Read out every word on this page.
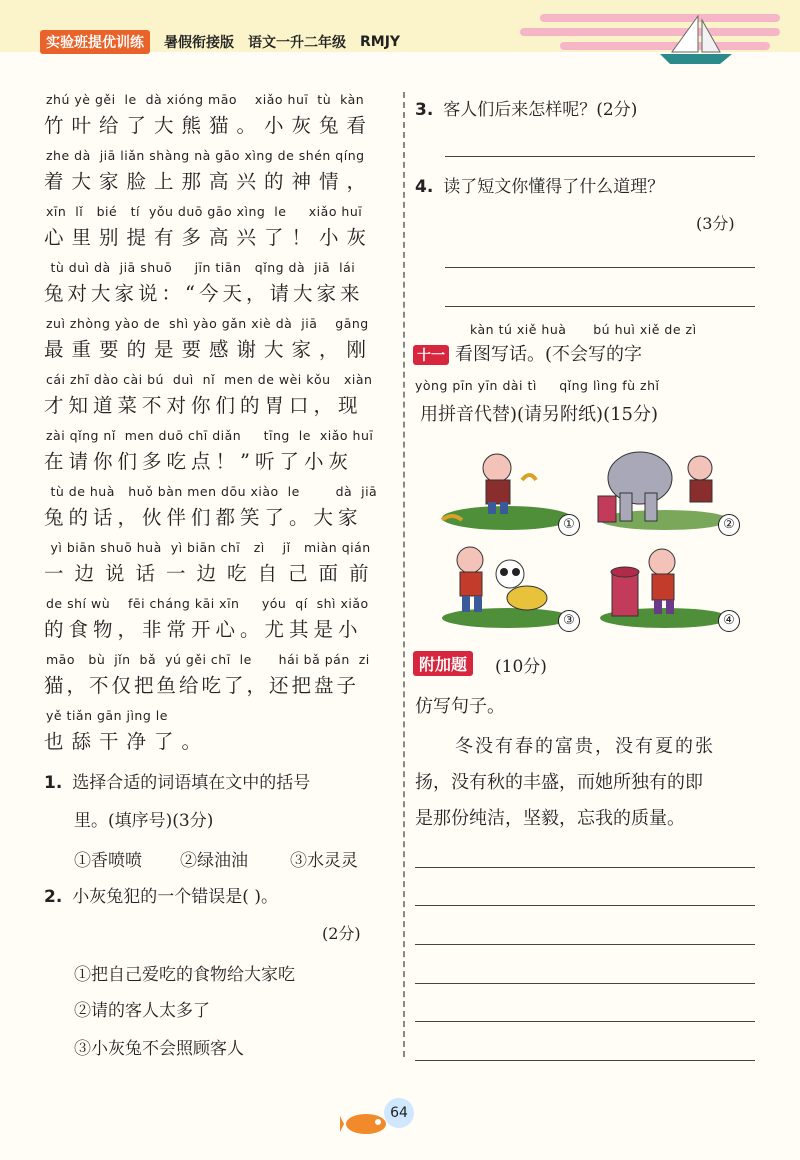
实验班提优训练	暑假衔接版 语文一升二年级 RMJY
zhú yè gěi  le  dà xióng māo    xiǎo huī  tù  kàn
竹叶给了大熊猫。小灰兔看
zhe dà  jiā liǎn shàng nà gāo xìng de shén qíng
着大家脸上那高兴的神情，
xīn  lǐ   bié   tí  yǒu duō gāo xìng  le     xiǎo huī
心里别提有多高兴了！小灰
tù duì dà  jiā shuō     jīn tiān   qǐng dà  jiā  lái
兔对大家说：“今天，请大家来
zuì zhòng yào de  shì yào gǎn xiè dà  jiā    gāng
最重要的是要感谢大家，刚
cái zhī dào cài bú  duì  nǐ  men de wèi kǒu   xiàn
才知道菜不对你们的胃口，现
zài qǐng nǐ  men duō chī diǎn     tīng  le  xiǎo huī
在请你们多吃点！”听了小灰
tù de huà   huǒ bàn men dōu xiào  le        dà  jiā
兔的话，伙伴们都笑了。大家
yì biān shuō huà  yì biān chī   zì    jǐ   miàn qián
一边说话一边吃自己面前
de shí wù    fēi cháng kāi xīn     yóu  qí  shì xiǎo
的食物，非常开心。尤其是小
māo   bù  jǐn  bǎ  yú gěi chī  le      hái bǎ pán  zi
猫，不仅把鱼给吃了，还把盘子
yě tiǎn gān jìng le
也舔干净了。
1. 选择合适的词语填在文中的括号
里。(填序号)(3分)
①香喷喷 ②绿油油 ③水灵灵
2. 小灰兔犯的一个错误是( )。
(2分)
①把自己爱吃的食物给大家吃
②请的客人太多了
③小灰兔不会照顾客人
3. 客人们后来怎样呢？(2分)
4. 读了短文你懂得了什么道理？
(3分)
kàn tú xiě huà      bú huì xiě de zì
十一 看图写话。(不会写的字
yòng pīn yīn dài tì     qǐng lìng fù zhǐ
用拼音代替)(请另附纸)(15分)
①	②
③	④
附加题	(10分)
仿写句子。
冬没有春的富贵，没有夏的张
扬，没有秋的丰盛，而她所独有的即
是那份纯洁，坚毅，忘我的质量。
64
